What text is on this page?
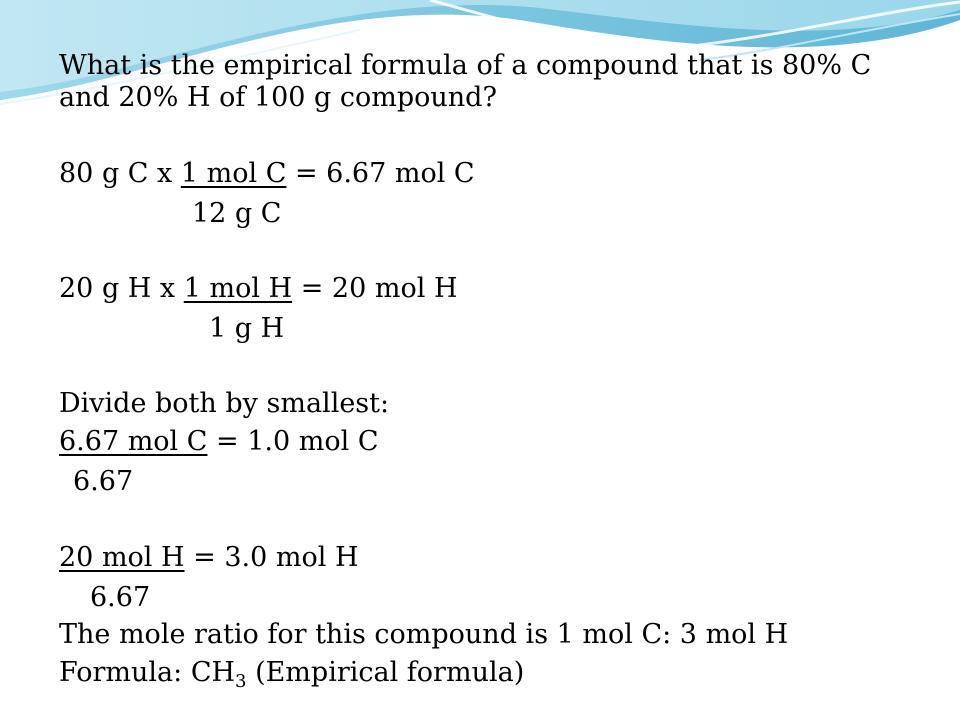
What is the empirical formula of a compound that is 80% C
and 20% H of 100 g compound?
80 g C x 1 mol C = 6.67 mol C
12 g C
20 g H x 1 mol H = 20 mol H
1 g H
Divide both by smallest:
6.67 mol C = 1.0 mol C
6.67
20 mol H = 3.0 mol H
6.67
The mole ratio for this compound is 1 mol C: 3 mol H
Formula: $CH_3$ (Empirical formula)
